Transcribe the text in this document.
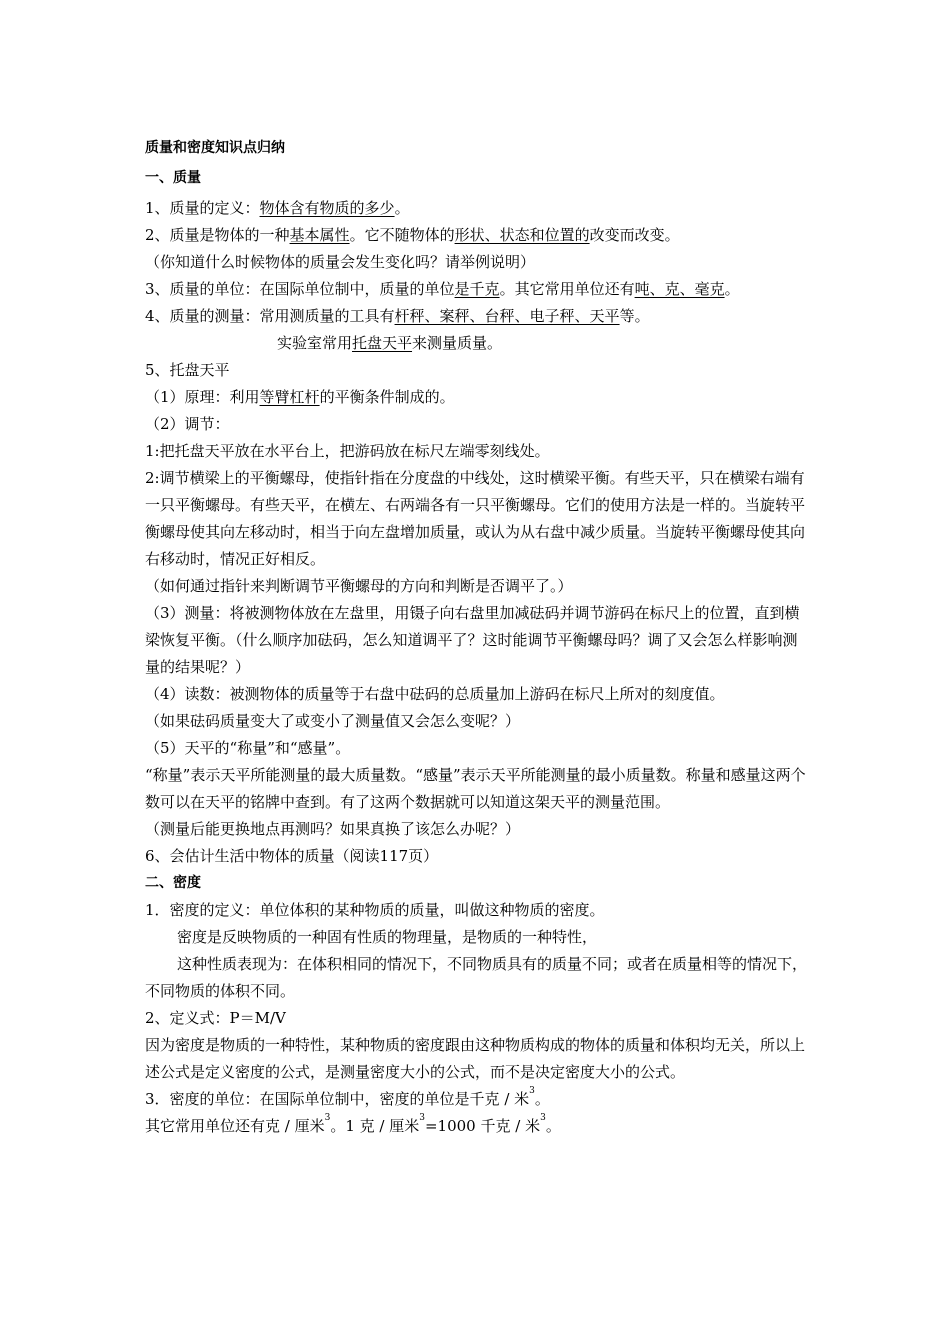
质量和密度知识点归纳
一、质量
1、质量的定义：物体含有物质的多少。
2、质量是物体的一种基本属性。它不随物体的形状、状态和位置的改变而改变。
（你知道什么时候物体的质量会发生变化吗？请举例说明）
3、质量的单位：在国际单位制中，质量的单位是千克。其它常用单位还有吨、克、毫克。
4、质量的测量：常用测质量的工具有杆秤、案秤、台秤、电子秤、天平等。
实验室常用托盘天平来测量质量。
5、托盘天平
（1）原理：利用等臂杠杆的平衡条件制成的。
（2）调节：
1:把托盘天平放在水平台上，把游码放在标尺左端零刻线处。
2:调节横梁上的平衡螺母，使指针指在分度盘的中线处，这时横梁平衡。有些天平，只在横梁右端有一只平衡螺母。有些天平，在横左、右两端各有一只平衡螺母。它们的使用方法是一样的。当旋转平衡螺母使其向左移动时，相当于向左盘增加质量，或认为从右盘中减少质量。当旋转平衡螺母使其向右移动时，情况正好相反。
（如何通过指针来判断调节平衡螺母的方向和判断是否调平了。）
（3）测量：将被测物体放在左盘里，用镊子向右盘里加减砝码并调节游码在标尺上的位置，直到横梁恢复平衡。（什么顺序加砝码，怎么知道调平了？这时能调节平衡螺母吗？调了又会怎么样影响测量的结果呢？）
（4）读数：被测物体的质量等于右盘中砝码的总质量加上游码在标尺上所对的刻度值。
（如果砝码质量变大了或变小了测量值又会怎么变呢？）
（5）天平的“称量”和“感量”。
“称量”表示天平所能测量的最大质量数。“感量”表示天平所能测量的最小质量数。称量和感量这两个数可以在天平的铭牌中查到。有了这两个数据就可以知道这架天平的测量范围。
（测量后能更换地点再测吗？如果真换了该怎么办呢？）
6、会估计生活中物体的质量（阅读117页）
二、密度
1．密度的定义：单位体积的某种物质的质量，叫做这种物质的密度。
密度是反映物质的一种固有性质的物理量，是物质的一种特性，
这种性质表现为：在体积相同的情况下，不同物质具有的质量不同；或者在质量相等的情况下，不同物质的体积不同。
2、定义式：P＝M/V
因为密度是物质的一种特性，某种物质的密度跟由这种物质构成的物体的质量和体积均无关，所以上述公式是定义密度的公式，是测量密度大小的公式，而不是决定密度大小的公式。
3．密度的单位：在国际单位制中，密度的单位是千克 / 米$^3$。
其它常用单位还有克 / 厘米$^3$。1 克 / 厘米$^3$=1000 千克 / 米$^3$。
